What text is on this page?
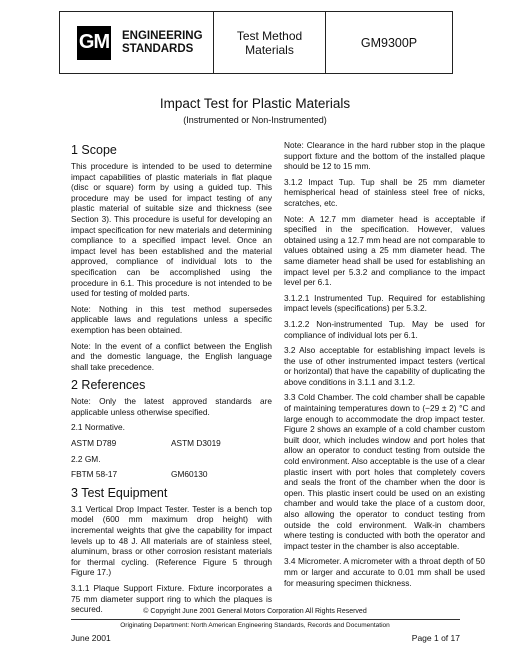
GM ENGINEERING
STANDARDS
Test Method
Materials	GM9300P
Impact Test for Plastic Materials
(Instrumented or Non-Instrumented)
1 Scope

This procedure is intended to be used to determine impact capabilities of plastic materials in flat plaque (disc or square) form by using a guided tup. This procedure may be used for impact testing of any plastic material of suitable size and thickness (see Section 3). This procedure is useful for developing an impact specification for new materials and determining compliance to a specified impact level. Once an impact level has been established and the material approved, compliance of individual lots to the specification can be accomplished using the procedure in 6.1. This procedure is not intended to be used for testing of molded parts.

Note: Nothing in this test method supersedes applicable laws and regulations unless a specific exemption has been obtained.

Note: In the event of a conflict between the English and the domestic language, the English language shall take precedence.

2 References

Note: Only the latest approved standards are applicable unless otherwise specified.

2.1 Normative.
ASTM D789	ASTM D3019
2.2 GM.
FBTM 58-17	GM60130
3 Test Equipment

3.1 Vertical Drop Impact Tester. Tester is a bench top model (600 mm maximum drop height) with incremental weights that give the capability for impact levels up to 48 J. All materials are of stainless steel, aluminum, brass or other corrosion resistant materials for thermal cycling. (Reference Figure 5 through Figure 17.)

3.1.1 Plaque Support Fixture. Fixture incorporates a 75 mm diameter support ring to which the plaques is secured.

Note: Clearance in the hard rubber stop in the plaque support fixture and the bottom of the installed plaque should be 12 to 15 mm.

3.1.2 Impact Tup. Tup shall be 25 mm diameter hemispherical head of stainless steel free of nicks, scratches, etc.

Note: A 12.7 mm diameter head is acceptable if specified in the specification. However, values obtained using a 12.7 mm head are not comparable to values obtained using a 25 mm diameter head. The same diameter head shall be used for establishing an impact level per 5.3.2 and compliance to the impact level per 6.1.

3.1.2.1 Instrumented Tup. Required for establishing impact levels (specifications) per 5.3.2.

3.1.2.2 Non-instrumented Tup. May be used for compliance of individual lots per 6.1.

3.2 Also acceptable for establishing impact levels is the use of other instrumented impact testers (vertical or horizontal) that have the capability of duplicating the above conditions in 3.1.1 and 3.1.2.

3.3 Cold Chamber. The cold chamber shall be capable of maintaining temperatures down to (−29 ± 2) °C and large enough to accommodate the drop impact tester. Figure 2 shows an example of a cold chamber custom built door, which includes window and port holes that allow an operator to conduct testing from outside the cold environment. Also acceptable is the use of a clear plastic insert with port holes that completely covers and seals the front of the chamber when the door is open. This plastic insert could be used on an existing chamber and would take the place of a custom door, also allowing the operator to conduct testing from outside the cold environment. Walk-in chambers where testing is conducted with both the operator and impact tester in the chamber is also acceptable.

3.4 Micrometer. A micrometer with a throat depth of 50 mm or larger and accurate to 0.01 mm shall be used for measuring specimen thickness.

© Copyright June 2001 General Motors Corporation All Rights Reserved
Originating Department: North American Engineering Standards, Records and Documentation
June 2001	Page 1 of 17
